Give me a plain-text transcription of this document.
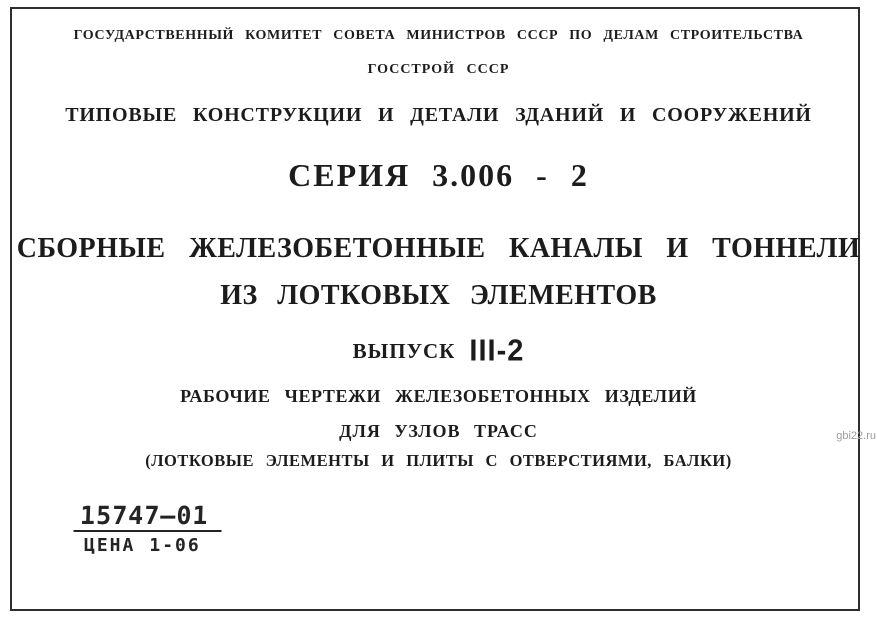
ГОСУДАРСТВЕННЫЙ КОМИТЕТ СОВЕТА МИНИСТРОВ СССР ПО ДЕЛАМ СТРОИТЕЛЬСТВА
ГОССТРОЙ СССР
ТИПОВЫЕ КОНСТРУКЦИИ И ДЕТАЛИ ЗДАНИЙ И СООРУЖЕНИЙ
СЕРИЯ 3.006 - 2
СБОРНЫЕ ЖЕЛЕЗОБЕТОННЫЕ КАНАЛЫ И ТОННЕЛИ
ИЗ ЛОТКОВЫХ ЭЛЕМЕНТОВ
ВЫПУСК III-2
РАБОЧИЕ ЧЕРТЕЖИ ЖЕЛЕЗОБЕТОННЫХ ИЗДЕЛИЙ
ДЛЯ УЗЛОВ ТРАСС
(ЛОТКОВЫЕ ЭЛЕМЕНТЫ И ПЛИТЫ С ОТВЕРСТИЯМИ, БАЛКИ)
15747–01
ЦЕНА 1-06
gbi22.ru
